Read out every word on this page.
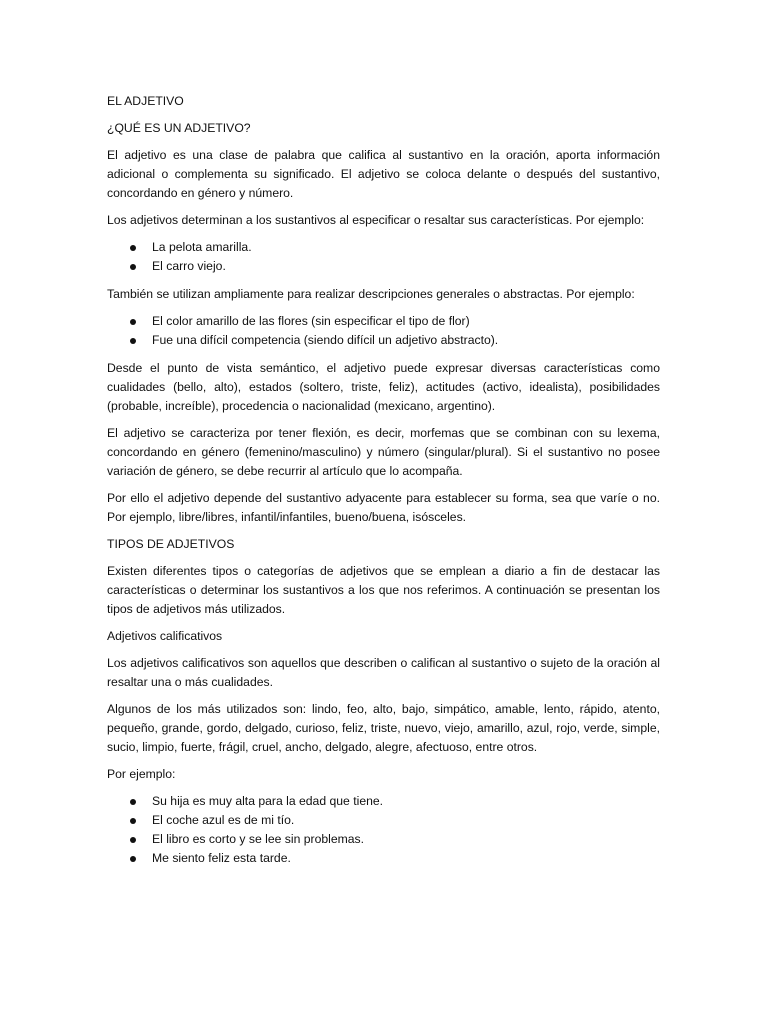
EL ADJETIVO
¿QUÉ ES UN ADJETIVO?

El adjetivo es una clase de palabra que califica al sustantivo en la oración, aporta información adicional o complementa su significado. El adjetivo se coloca delante o después del sustantivo, concordando en género y número.

Los adjetivos determinan a los sustantivos al especificar o resaltar sus características. Por ejemplo:

La pelota amarilla.
El carro viejo.

También se utilizan ampliamente para realizar descripciones generales o abstractas. Por ejemplo:

El color amarillo de las flores (sin especificar el tipo de flor)
Fue una difícil competencia (siendo difícil un adjetivo abstracto).

Desde el punto de vista semántico, el adjetivo puede expresar diversas características como cualidades (bello, alto), estados (soltero, triste, feliz), actitudes (activo, idealista), posibilidades (probable, increíble), procedencia o nacionalidad (mexicano, argentino).

El adjetivo se caracteriza por tener flexión, es decir, morfemas que se combinan con su lexema, concordando en género (femenino/masculino) y número (singular/plural). Si el sustantivo no posee variación de género, se debe recurrir al artículo que lo acompaña.

Por ello el adjetivo depende del sustantivo adyacente para establecer su forma, sea que varíe o no. Por ejemplo, libre/libres, infantil/infantiles, bueno/buena, isósceles.

TIPOS DE ADJETIVOS

Existen diferentes tipos o categorías de adjetivos que se emplean a diario a fin de destacar las características o determinar los sustantivos a los que nos referimos. A continuación se presentan los tipos de adjetivos más utilizados.

Adjetivos calificativos

Los adjetivos calificativos son aquellos que describen o califican al sustantivo o sujeto de la oración al resaltar una o más cualidades.

Algunos de los más utilizados son: lindo, feo, alto, bajo, simpático, amable, lento, rápido, atento, pequeño, grande, gordo, delgado, curioso, feliz, triste, nuevo, viejo, amarillo, azul, rojo, verde, simple, sucio, limpio, fuerte, frágil, cruel, ancho, delgado, alegre, afectuoso, entre otros.

Por ejemplo:

Su hija es muy alta para la edad que tiene.
El coche azul es de mi tío.
El libro es corto y se lee sin problemas.
Me siento feliz esta tarde.
